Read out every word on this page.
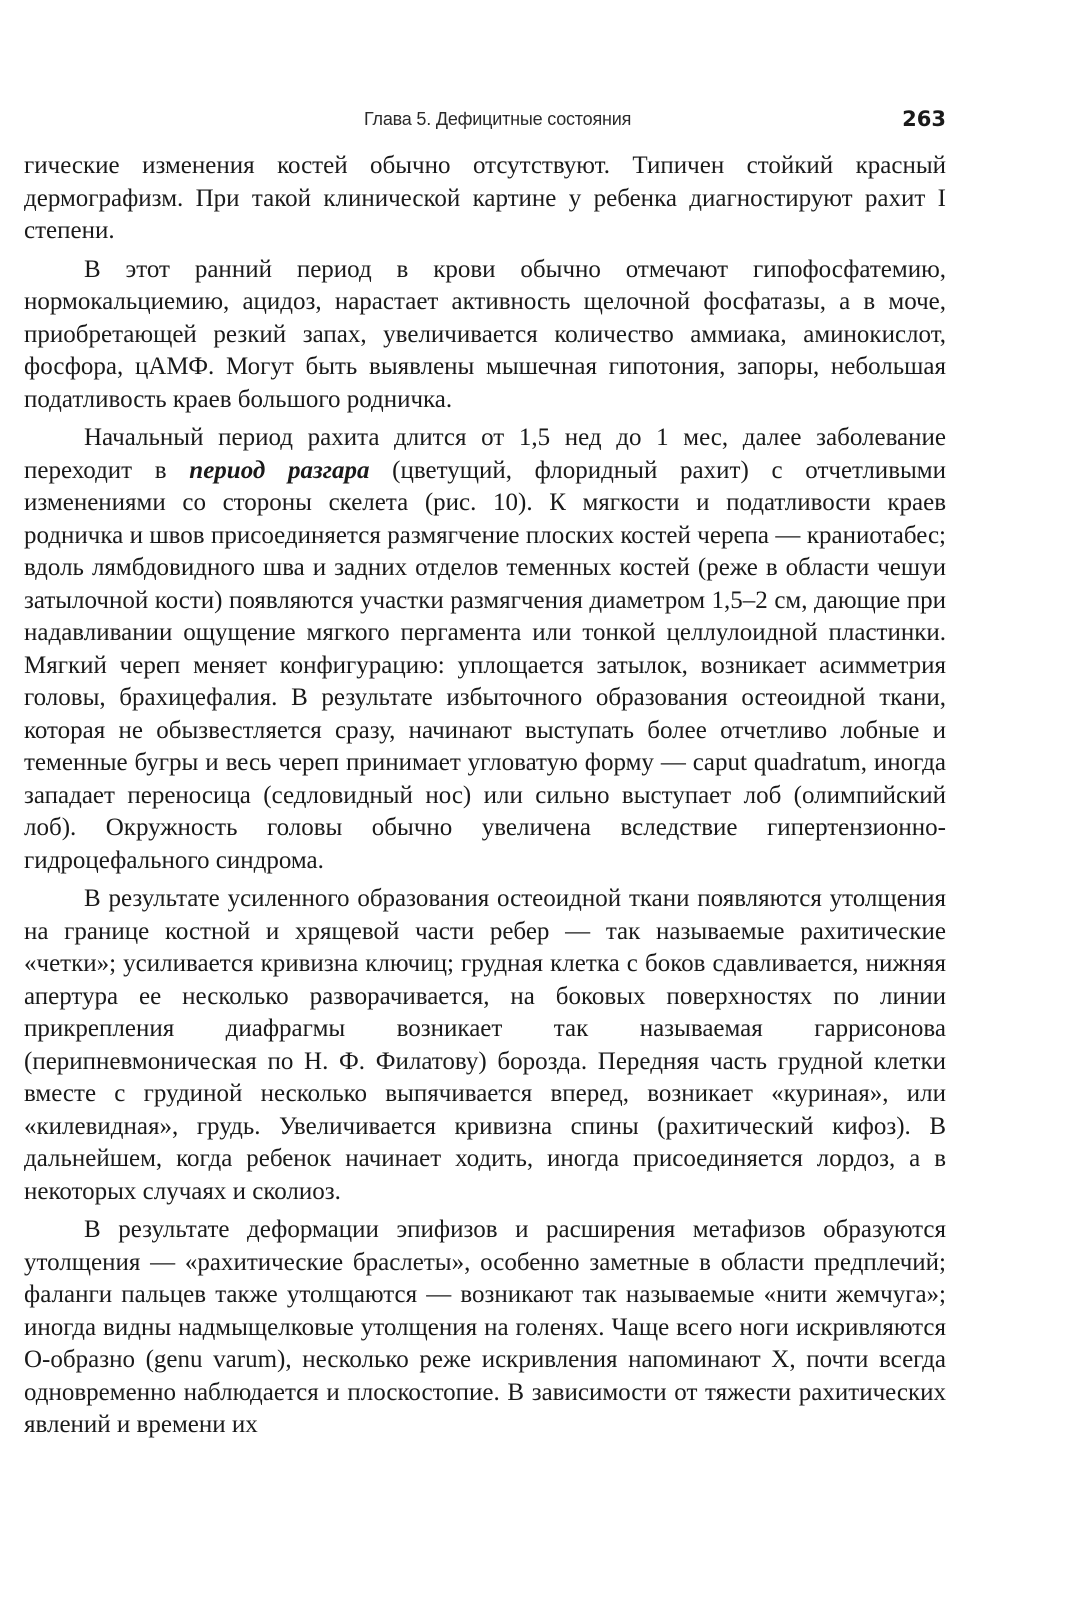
Глава 5. Дефицитные состояния	263

гические изменения костей обычно отсутствуют. Типичен стойкий красный дермографизм. При такой клинической картине у ребенка диагностируют рахит I степени.

В этот ранний период в крови обычно отмечают гипофосфатемию, нормокальциемию, ацидоз, нарастает активность щелочной фосфатазы, а в моче, приобретающей резкий запах, увеличивается количество аммиака, аминокислот, фосфора, цАМФ. Могут быть выявлены мышечная гипотония, запоры, небольшая податливость краев большого родничка.

Начальный период рахита длится от 1,5 нед до 1 мес, далее заболевание переходит в период разгара (цветущий, флоридный рахит) с отчетливыми изменениями со стороны скелета (рис. 10). К мягкости и податливости краев родничка и швов присоединяется размягчение плоских костей черепа — краниотабес; вдоль лямбдовидного шва и задних отделов теменных костей (реже в области чешуи затылочной кости) появляются участки размягчения диаметром 1,5–2 см, дающие при надавливании ощущение мягкого пергамента или тонкой целлулоидной пластинки. Мягкий череп меняет конфигурацию: уплощается затылок, возникает асимметрия головы, брахицефалия. В результате избыточного образования остеоидной ткани, которая не обызвестляется сразу, начинают выступать более отчетливо лобные и теменные бугры и весь череп принимает угловатую форму — caput quadratum, иногда западает переносица (седловидный нос) или сильно выступает лоб (олимпийский лоб). Окружность головы обычно увеличена вследствие гипертензионно-гидроцефального синдрома.

В результате усиленного образования остеоидной ткани появляются утолщения на границе костной и хрящевой части ребер — так называемые рахитические «четки»; усиливается кривизна ключиц; грудная клетка с боков сдавливается, нижняя апертура ее несколько разворачивается, на боковых поверхностях по линии прикрепления диафрагмы возникает так называемая гаррисонова (перипневмоническая по Н. Ф. Филатову) борозда. Передняя часть грудной клетки вместе с грудиной несколько выпячивается вперед, возникает «куриная», или «килевидная», грудь. Увеличивается кривизна спины (рахитический кифоз). В дальнейшем, когда ребенок начинает ходить, иногда присоединяется лордоз, а в некоторых случаях и сколиоз.

В результате деформации эпифизов и расширения метафизов образуются утолщения — «рахитические браслеты», особенно заметные в области предплечий; фаланги пальцев также утолщаются — возникают так называемые «нити жемчуга»; иногда видны надмыщелковые утолщения на голенях. Чаще всего ноги искривляются О-образно (genu varum), несколько реже искривления напоминают X, почти всегда одновременно наблюдается и плоскостопие. В зависимости от тяжести рахитических явлений и времени их
